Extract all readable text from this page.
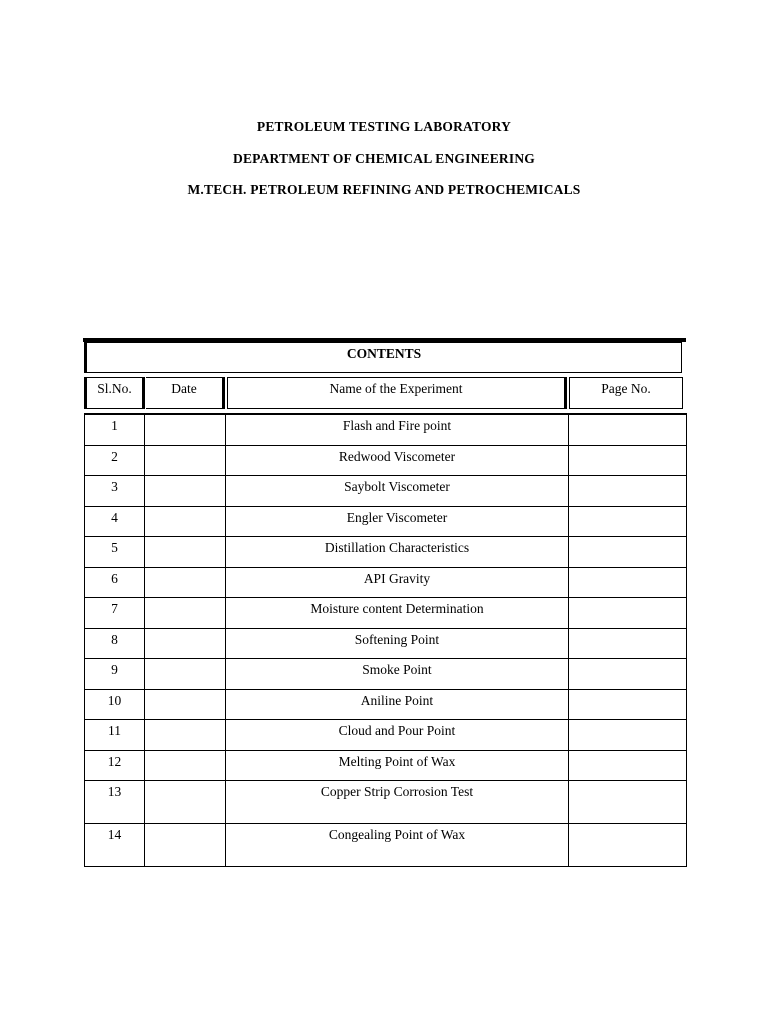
PETROLEUM TESTING LABORATORY
DEPARTMENT OF CHEMICAL ENGINEERING
M.TECH. PETROLEUM REFINING AND PETROCHEMICALS
CONTENTS
Sl.No.	Date	Name of the Experiment	Page No.
1		Flash and Fire point	
2		Redwood Viscometer	
3		Saybolt Viscometer	
4		Engler Viscometer	
5		Distillation Characteristics	
6		API Gravity	
7		Moisture content Determination	
8		Softening Point	
9		Smoke Point	
10		Aniline Point	
11		Cloud and Pour Point	
12		Melting Point of Wax	
13		Copper Strip Corrosion Test	
14		Congealing Point of Wax	
